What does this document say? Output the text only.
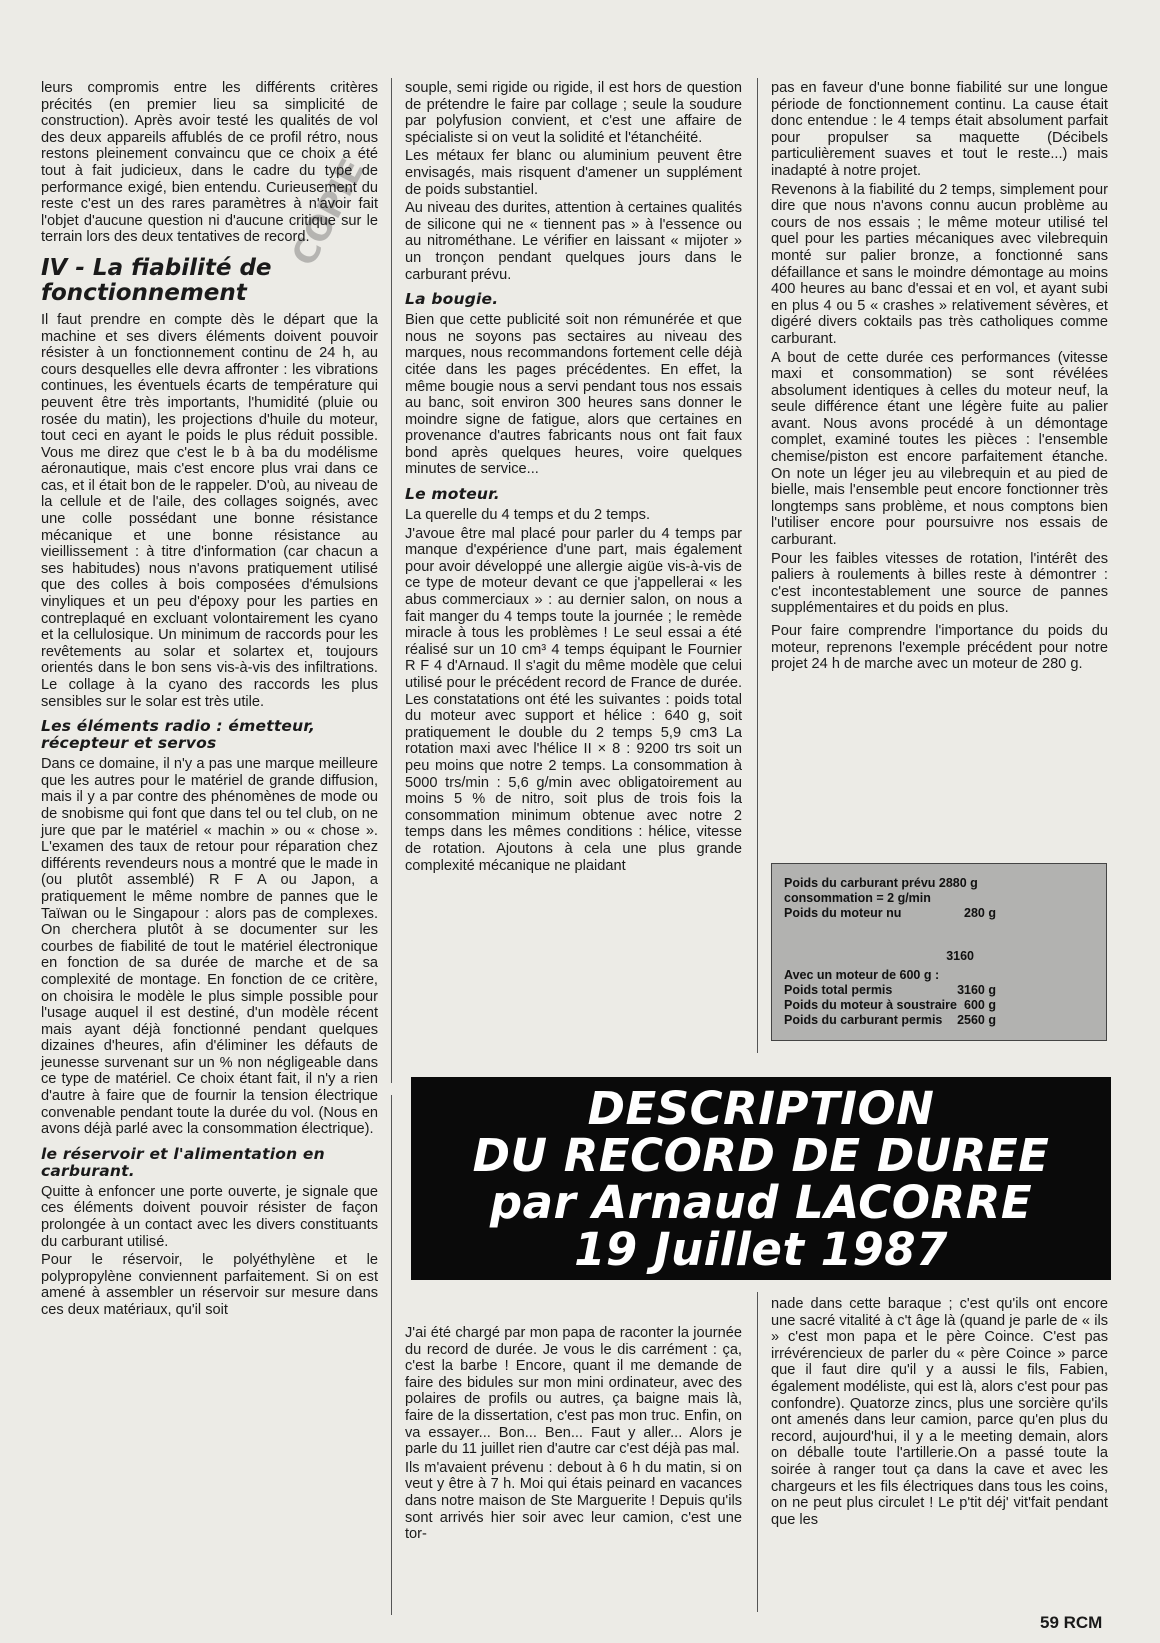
COPIE

leurs compromis entre les différents critères précités (en premier lieu sa simplicité de construction). Après avoir testé les qualités de vol des deux appareils affublés de ce profil rétro, nous restons pleinement convaincu que ce choix a été tout à fait judicieux, dans le cadre du type de performance exigé, bien entendu. Curieusement du reste c'est un des rares paramètres à n'avoir fait l'objet d'aucune question ni d'aucune critique sur le terrain lors des deux tentatives de record.

IV - La fiabilité de fonctionnement

Il faut prendre en compte dès le départ que la machine et ses divers éléments doivent pouvoir résister à un fonctionnement continu de 24 h, au cours desquelles elle devra affronter : les vibrations continues, les éventuels écarts de température qui peuvent être très importants, l'humidité (pluie ou rosée du matin), les projections d'huile du moteur, tout ceci en ayant le poids le plus réduit possible. Vous me direz que c'est le b à ba du modélisme aéronautique, mais c'est encore plus vrai dans ce cas, et il était bon de le rappeler. D'où, au niveau de la cellule et de l'aile, des collages soignés, avec une colle possédant une bonne résistance mécanique et une bonne résistance au vieillissement : à titre d'information (car chacun a ses habitudes) nous n'avons pratiquement utilisé que des colles à bois composées d'émulsions vinyliques et un peu d'époxy pour les parties en contreplaqué en excluant volontairement les cyano et la cellulosique. Un minimum de raccords pour les revêtements au solar et solartex et, toujours orientés dans le bon sens vis-à-vis des infiltrations. Le collage à la cyano des raccords les plus sensibles sur le solar est très utile.

Les éléments radio : émetteur, récepteur et servos

Dans ce domaine, il n'y a pas une marque meilleure que les autres pour le matériel de grande diffusion, mais il y a par contre des phénomènes de mode ou de snobisme qui font que dans tel ou tel club, on ne jure que par le matériel « machin » ou « chose ». L'examen des taux de retour pour réparation chez différents revendeurs nous a montré que le made in (ou plutôt assemblé) R F A ou Japon, a pratiquement le même nombre de pannes que le Taïwan ou le Singapour : alors pas de complexes. On cherchera plutôt à se documenter sur les courbes de fiabilité de tout le matériel électronique en fonction de sa durée de marche et de sa complexité de montage. En fonction de ce critère, on choisira le modèle le plus simple possible pour l'usage auquel il est destiné, d'un modèle récent mais ayant déjà fonctionné pendant quelques dizaines d'heures, afin d'éliminer les défauts de jeunesse survenant sur un % non négligeable dans ce type de matériel. Ce choix étant fait, il n'y a rien d'autre à faire que de fournir la tension électrique convenable pendant toute la durée du vol. (Nous en avons déjà parlé avec la consommation électrique).

le réservoir et l'alimentation en carburant.

Quitte à enfoncer une porte ouverte, je signale que ces éléments doivent pouvoir résister de façon prolongée à un contact avec les divers constituants du carburant utilisé.

Pour le réservoir, le polyéthylène et le polypropylène conviennent parfaitement. Si on est amené à assembler un réservoir sur mesure dans ces deux matériaux, qu'il soit

souple, semi rigide ou rigide, il est hors de question de prétendre le faire par collage ; seule la soudure par polyfusion convient, et c'est une affaire de spécialiste si on veut la solidité et l'étanchéité.

Les métaux fer blanc ou aluminium peuvent être envisagés, mais risquent d'amener un supplément de poids substantiel.

Au niveau des durites, attention à certaines qualités de silicone qui ne « tiennent pas » à l'essence ou au nitrométhane. Le vérifier en laissant « mijoter » un tronçon pendant quelques jours dans le carburant prévu.

La bougie.

Bien que cette publicité soit non rémunérée et que nous ne soyons pas sectaires au niveau des marques, nous recommandons fortement celle déjà citée dans les pages précédentes. En effet, la même bougie nous a servi pendant tous nos essais au banc, soit environ 300 heures sans donner le moindre signe de fatigue, alors que certaines en provenance d'autres fabricants nous ont fait faux bond après quelques heures, voire quelques minutes de service...

Le moteur.

La querelle du 4 temps et du 2 temps.

J'avoue être mal placé pour parler du 4 temps par manque d'expérience d'une part, mais également pour avoir développé une allergie aigüe vis-à-vis de ce type de moteur devant ce que j'appellerai « les abus commerciaux » : au dernier salon, on nous a fait manger du 4 temps toute la journée ; le remède miracle à tous les problèmes ! Le seul essai a été réalisé sur un 10 cm³ 4 temps équipant le Fournier R F 4 d'Arnaud. Il s'agit du même modèle que celui utilisé pour le précédent record de France de durée. Les constatations ont été les suivantes : poids total du moteur avec support et hélice : 640 g, soit pratiquement le double du 2 temps 5,9 cm3 La rotation maxi avec l'hélice II × 8 : 9200 trs soit un peu moins que notre 2 temps. La consommation à 5000 trs/min : 5,6 g/min avec obligatoirement au moins 5 % de nitro, soit plus de trois fois la consommation minimum obtenue avec notre 2 temps dans les mêmes conditions : hélice, vitesse de rotation. Ajoutons à cela une plus grande complexité mécanique ne plaidant

pas en faveur d'une bonne fiabilité sur une longue période de fonctionnement continu. La cause était donc entendue : le 4 temps était absolument parfait pour propulser sa maquette (Décibels particulièrement suaves et tout le reste...) mais inadapté à notre projet.

Revenons à la fiabilité du 2 temps, simplement pour dire que nous n'avons connu aucun problème au cours de nos essais ; le même moteur utilisé tel quel pour les parties mécaniques avec vilebrequin monté sur palier bronze, a fonctionné sans défaillance et sans le moindre démontage au moins 400 heures au banc d'essai et en vol, et ayant subi en plus 4 ou 5 « crashes » relativement sévères, et digéré divers coktails pas très catholiques comme carburant.

A bout de cette durée ces performances (vitesse maxi et consommation) se sont révélées absolument identiques à celles du moteur neuf, la seule différence étant une légère fuite au palier avant. Nous avons procédé à un démontage complet, examiné toutes les pièces : l'ensemble chemise/piston est encore parfaitement étanche. On note un léger jeu au vilebrequin et au pied de bielle, mais l'ensemble peut encore fonctionner très longtemps sans problème, et nous comptons bien l'utiliser encore pour poursuivre nos essais de carburant.

Pour les faibles vitesses de rotation, l'intérêt des paliers à roulements à billes reste à démontrer : c'est incontestablement une source de pannes supplémentaires et du poids en plus.

Pour faire comprendre l'importance du poids du moteur, reprenons l'exemple précédent pour notre projet 24 h de marche avec un moteur de 280 g.

Poids du carburant prévu 2880 g
consommation = 2 g/min
Poids du moteur nu	280 g
3160
Avec un moteur de 600 g :
Poids total permis	3160 g
Poids du moteur à soustraire 600 g
Poids du carburant permis 2560 g
DESCRIPTION
DU RECORD DE DUREE
par Arnaud LACORRE
19 Juillet 1987

J'ai été chargé par mon papa de raconter la journée du record de durée. Je vous le dis carrément : ça, c'est la barbe ! Encore, quant il me demande de faire des bidules sur mon mini ordinateur, avec des polaires de profils ou autres, ça baigne mais là, faire de la dissertation, c'est pas mon truc. Enfin, on va essayer... Bon... Ben... Faut y aller... Alors je parle du 11 juillet rien d'autre car c'est déjà pas mal.

Ils m'avaient prévenu : debout à 6 h du matin, si on veut y être à 7 h. Moi qui étais peinard en vacances dans notre maison de Ste Marguerite ! Depuis qu'ils sont arrivés hier soir avec leur camion, c'est une tor-

nade dans cette baraque ; c'est qu'ils ont encore une sacré vitalité à c't âge là (quand je parle de « ils » c'est mon papa et le père Coince. C'est pas irrévérencieux de parler du « père Coince » parce que il faut dire qu'il y a aussi le fils, Fabien, également modéliste, qui est là, alors c'est pour pas confondre). Quatorze zincs, plus une sorcière qu'ils ont amenés dans leur camion, parce qu'en plus du record, aujourd'hui, il y a le meeting demain, alors on déballe toute l'artillerie.On a passé toute la soirée à ranger tout ça dans la cave et avec les chargeurs et les fils électriques dans tous les coins, on ne peut plus circulet ! Le p'tit déj' vit'fait pendant que les

59 RCM
